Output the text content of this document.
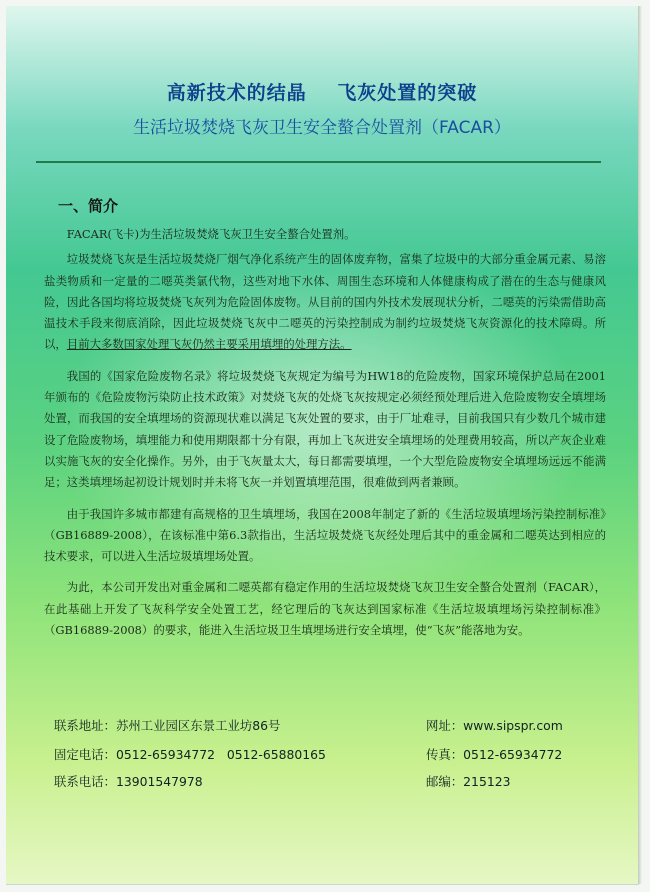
高新技术的结晶    飞灰处置的突破
生活垃圾焚烧飞灰卫生安全螯合处置剂（FACAR）
一、简介

FACAR(飞卡)为生活垃圾焚烧飞灰卫生安全螯合处置剂。

垃圾焚烧飞灰是生活垃圾焚烧厂烟气净化系统产生的固体废弃物，富集了垃圾中的大部分重金属元素、易溶盐类物质和一定量的二噁英类氯代物，这些对地下水体、周围生态环境和人体健康构成了潜在的生态与健康风险，因此各国均将垃圾焚烧飞灰列为危险固体废物。从目前的国内外技术发展现状分析，二噁英的污染需借助高温技术手段来彻底消除，因此垃圾焚烧飞灰中二噁英的污染控制成为制约垃圾焚烧飞灰资源化的技术障碍。所以，目前大多数国家处理飞灰仍然主要采用填埋的处理方法。

我国的《国家危险废物名录》将垃圾焚烧飞灰规定为编号为HW18的危险废物，国家环境保护总局在2001年颁布的《危险废物污染防止技术政策》对焚烧飞灰的处烧飞灰按规定必须经预处理后进入危险废物安全填埋场处置，而我国的安全填埋场的资源现状难以满足飞灰处置的要求，由于厂址难寻，目前我国只有少数几个城市建设了危险废物场，填埋能力和使用期限都十分有限，再加上飞灰进安全填埋场的处理费用较高，所以产灰企业难以实施飞灰的安全化操作。另外，由于飞灰量太大，每日都需要填埋，一个大型危险废物安全填埋场远远不能满足；这类填埋场起初设计规划时并未将飞灰一并划置填埋范围，很难做到两者兼顾。

由于我国许多城市都建有高规格的卫生填埋场，我国在2008年制定了新的《生活垃圾填埋场污染控制标准》（GB16889-2008），在该标准中第6.3款指出，生活垃圾焚烧飞灰经处理后其中的重金属和二噁英达到相应的技术要求，可以进入生活垃圾填埋场处置。

为此，本公司开发出对重金属和二噁英都有稳定作用的生活垃圾焚烧飞灰卫生安全螯合处置剂（FACAR），在此基础上开发了飞灰科学安全处置工艺，经它理后的飞灰达到国家标准《生活垃圾填埋场污染控制标准》（GB16889-2008）的要求，能进入生活垃圾卫生填埋场进行安全填埋，使“飞灰”能落地为安。

联系地址：苏州工业园区东景工业坊86号
固定电话：0512-65934772   0512-65880165
联系电话：13901547978
网址：www.sipspr.com
传真：0512-65934772
邮编：215123
